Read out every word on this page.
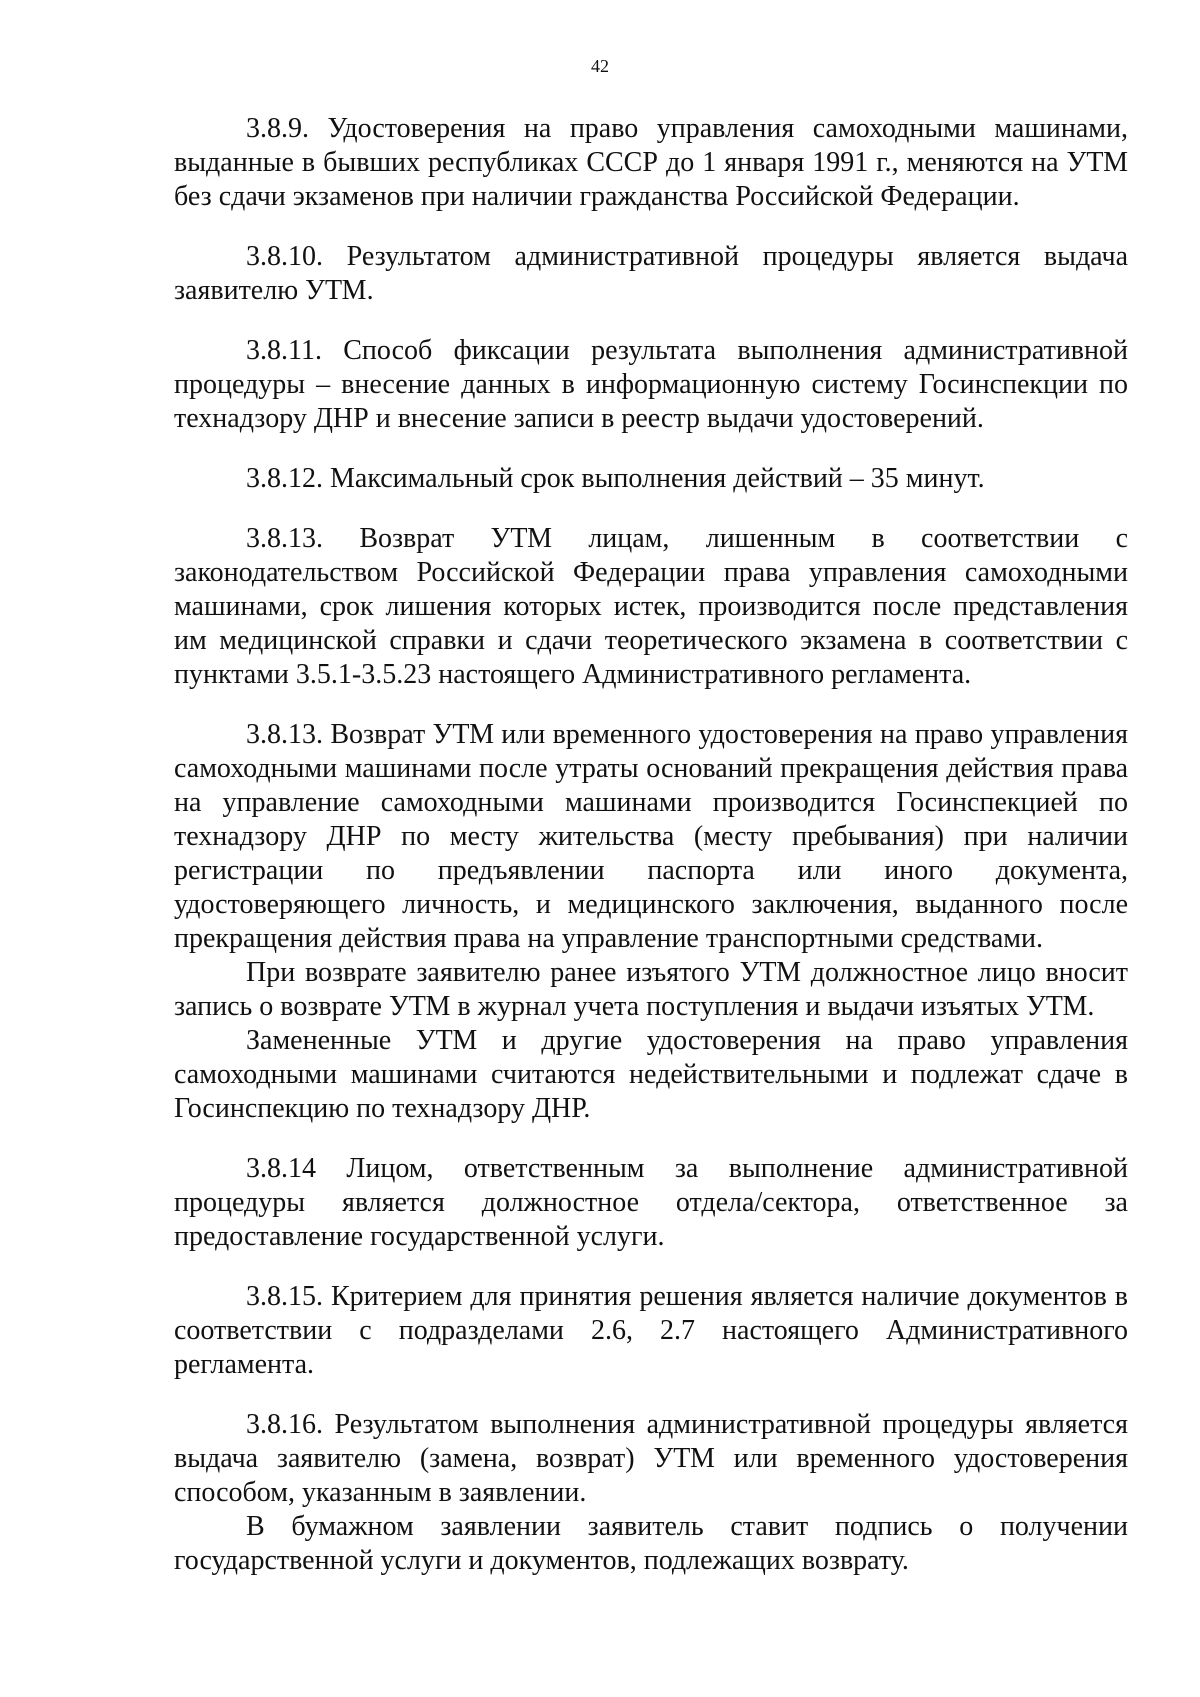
42

3.8.9. Удостоверения на право управления самоходными машинами, выданные в бывших республиках СССР до 1 января 1991 г., меняются на УТМ без сдачи экзаменов при наличии гражданства Российской Федерации.

3.8.10. Результатом административной процедуры является выдача заявителю УТМ.

3.8.11. Способ фиксации результата выполнения административной процедуры – внесение данных в информационную систему Госинспекции по технадзору ДНР и внесение записи в реестр выдачи удостоверений.

3.8.12. Максимальный срок выполнения действий – 35 минут.

3.8.13. Возврат УТМ лицам, лишенным в соответствии с законодательством Российской Федерации права управления самоходными машинами, срок лишения которых истек, производится после представления им медицинской справки и сдачи теоретического экзамена в соответствии с пунктами 3.5.1-3.5.23 настоящего Административного регламента.

3.8.13. Возврат УТМ или временного удостоверения на право управления самоходными машинами после утраты оснований прекращения действия права на управление самоходными машинами производится Госинспекцией по технадзору ДНР по месту жительства (месту пребывания) при наличии регистрации по предъявлении паспорта или иного документа, удостоверяющего личность, и медицинского заключения, выданного после прекращения действия права на управление транспортными средствами.

При возврате заявителю ранее изъятого УТМ должностное лицо вносит запись о возврате УТМ в журнал учета поступления и выдачи изъятых УТМ.

Замененные УТМ и другие удостоверения на право управления самоходными машинами считаются недействительными и подлежат сдаче в Госинспекцию по технадзору ДНР.

3.8.14 Лицом, ответственным за выполнение административной процедуры является должностное отдела/сектора, ответственное за предоставление государственной услуги.

3.8.15. Критерием для принятия решения является наличие документов в соответствии с подразделами 2.6, 2.7 настоящего Административного регламента.

3.8.16. Результатом выполнения административной процедуры является выдача заявителю (замена, возврат) УТМ или временного удостоверения способом, указанным в заявлении.

В бумажном заявлении заявитель ставит подпись о получении государственной услуги и документов, подлежащих возврату.
